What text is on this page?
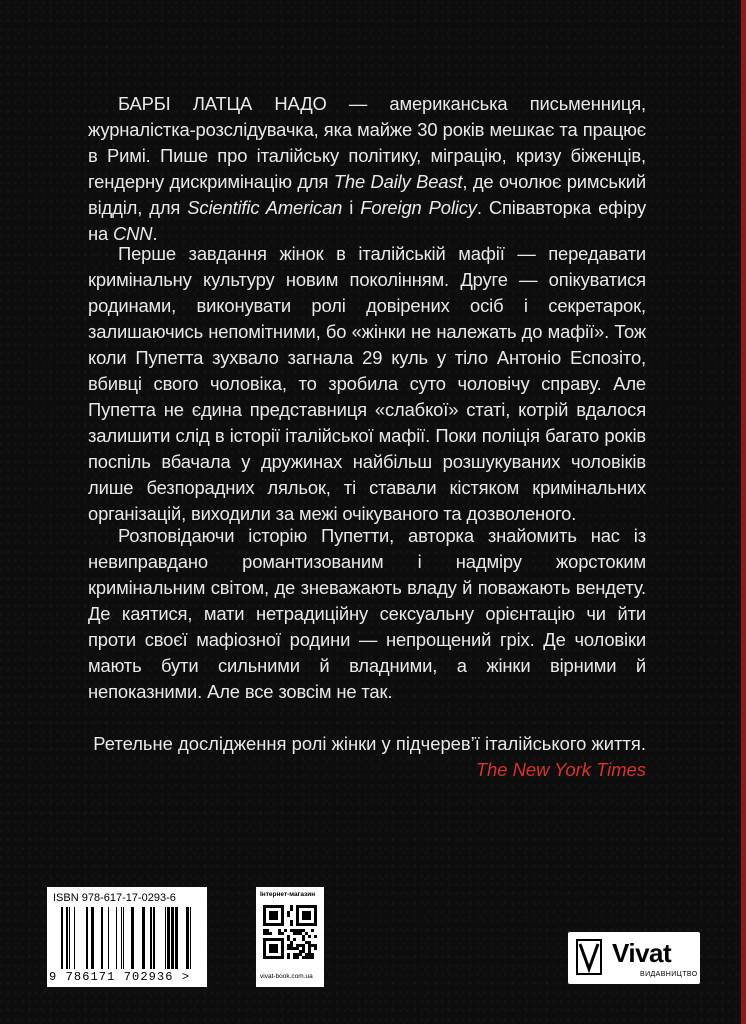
БАРБІ ЛАТЦА НАДО — американська письменниця, журналістка-розслідувачка, яка майже 30 років мешкає та працює в Римі. Пише про італійську політику, міграцію, кризу біженців, гендерну дискримінацію для The Daily Beast, де очолює римський відділ, для Scientific American і Foreign Policy. Співавторка ефіру на CNN.

Перше завдання жінок в італійській мафії — передавати кримінальну культуру новим поколінням. Друге — опікуватися родинами, виконувати ролі довірених осіб і секретарок, залишаючись непомітними, бо «жінки не належать до мафії». Тож коли Пупетта зухвало загнала 29 куль у тіло Антоніо Еспозіто, вбивці свого чоловіка, то зробила суто чоловічу справу. Але Пупетта не єдина представниця «слабкої» статі, котрій вдалося залишити слід в історії італійської мафії. Поки поліція багато років поспіль вбачала у дружинах найбільш розшукуваних чоловіків лише безпорадних ляльок, ті ставали кістяком кримінальних організацій, виходили за межі очікуваного та дозволеного.

Розповідаючи історію Пупетти, авторка знайомить нас із невиправдано романтизованим і надміру жорстоким кримінальним світом, де зневажають владу й поважають вендету. Де каятися, мати нетрадиційну сексуальну орієнтацію чи йти проти своєї мафіозної родини — непрощений гріх. Де чоловіки мають бути сильними й владними, а жінки вірними й непоказними. Але все зовсім не так.

Ретельне дослідження ролі жінки у підчерев’ї італійського життя.
The New York Times
ISBN 978-617-17-0293-6
9 786171 702936 >
Інтернет-магазин
vivat-book.com.ua
Vivat
ВИДАВНИЦТВО
